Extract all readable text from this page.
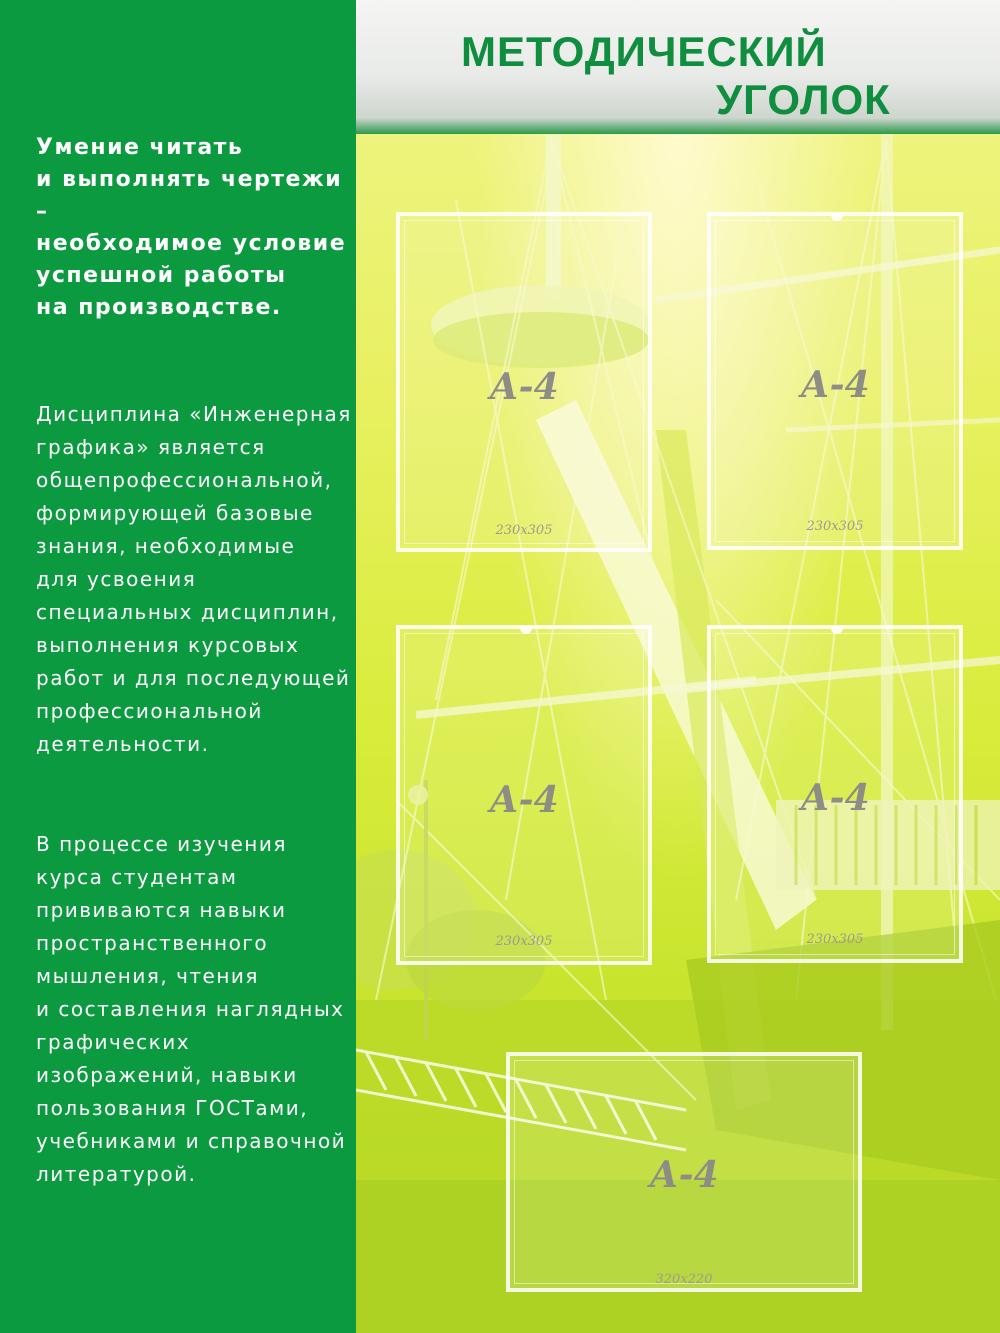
Умение читать
и выполнять чертежи –
необходимое условие
успешной работы
на производстве.

Дисциплина «Инженерная
графика» является
общепрофессиональной,
формирующей базовые
знания, необходимые
для усвоения
специальных дисциплин,
выполнения курсовых
работ и для последующей
профессиональной
деятельности.

В процессе изучения
курса студентам
прививаются навыки
пространственного
мышления, чтения
и составления наглядных
графических
изображений, навыки
пользования ГОСТами,
учебниками и справочной
литературой.

МЕТОДИЧЕСКИЙ
УГОЛОК
А-4
230х305
А-4
230х305
А-4
230х305
А-4
230х305
А-4
320х220
